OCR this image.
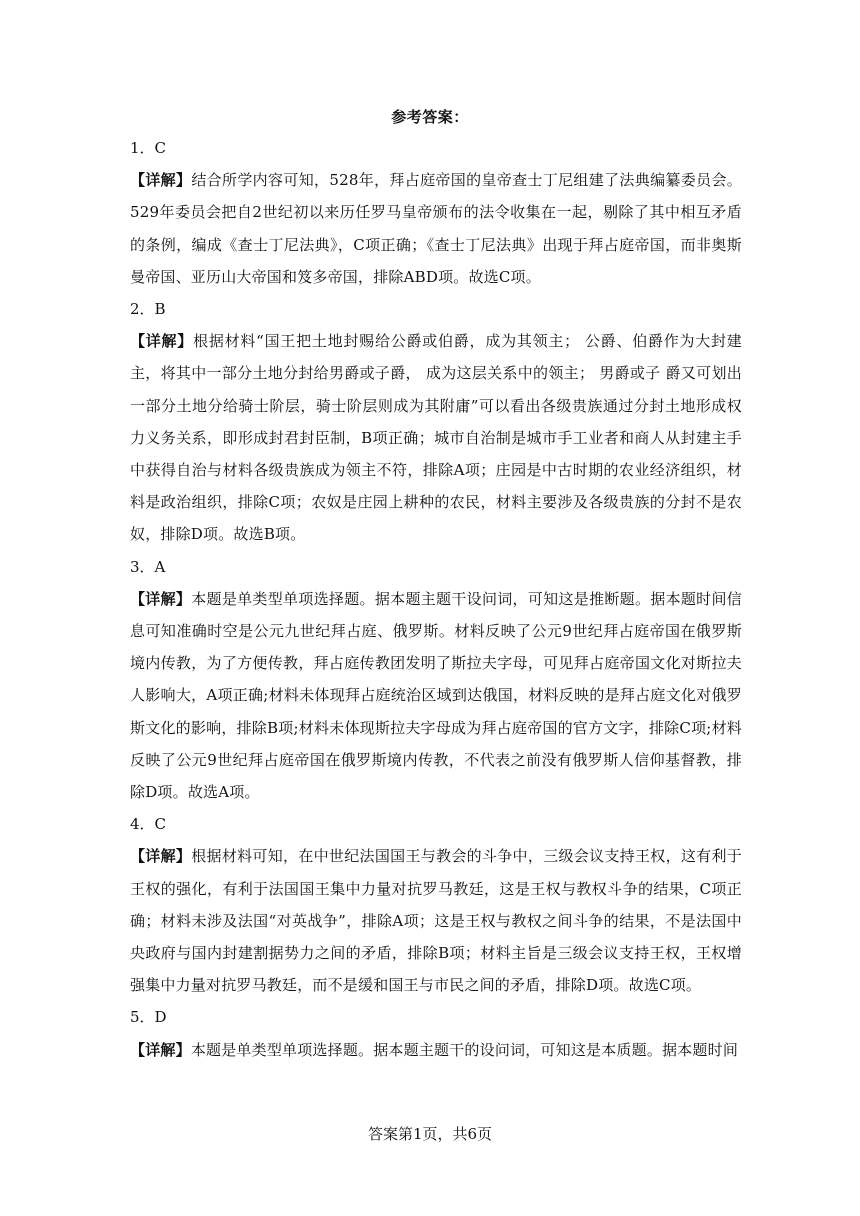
参考答案：
1．C

【详解】结合所学内容可知，528年，拜占庭帝国的皇帝查士丁尼组建了法典编纂委员会。529年委员会把自2世纪初以来历任罗马皇帝颁布的法令收集在一起，剔除了其中相互矛盾的条例，编成《查士丁尼法典》，C项正确；《查士丁尼法典》出现于拜占庭帝国，而非奥斯曼帝国、亚历山大帝国和笈多帝国，排除ABD项。故选C项。

2．B

【详解】根据材料“国王把土地封赐给公爵或伯爵，成为其领主； 公爵、伯爵作为大封建主，将其中一部分土地分封给男爵或子爵， 成为这层关系中的领主； 男爵或子 爵又可划出一部分土地分给骑士阶层，骑士阶层则成为其附庸”可以看出各级贵族通过分封土地形成权力义务关系，即形成封君封臣制，B项正确；城市自治制是城市手工业者和商人从封建主手中获得自治与材料各级贵族成为领主不符，排除A项；庄园是中古时期的农业经济组织，材料是政治组织，排除C项；农奴是庄园上耕种的农民，材料主要涉及各级贵族的分封不是农奴，排除D项。故选B项。

3．A

【详解】本题是单类型单项选择题。据本题主题干设问词，可知这是推断题。据本题时间信息可知准确时空是公元九世纪拜占庭、俄罗斯。材料反映了公元9世纪拜占庭帝国在俄罗斯境内传教，为了方便传教，拜占庭传教团发明了斯拉夫字母，可见拜占庭帝国文化对斯拉夫人影响大，A项正确;材料未体现拜占庭统治区域到达俄国，材料反映的是拜占庭文化对俄罗斯文化的影响，排除B项;材料未体现斯拉夫字母成为拜占庭帝国的官方文字，排除C项;材料反映了公元9世纪拜占庭帝国在俄罗斯境内传教，不代表之前没有俄罗斯人信仰基督教，排除D项。故选A项。

4．C

【详解】根据材料可知，在中世纪法国国王与教会的斗争中，三级会议支持王权，这有利于王权的强化，有利于法国国王集中力量对抗罗马教廷，这是王权与教权斗争的结果，C项正确；材料未涉及法国“对英战争”，排除A项；这是王权与教权之间斗争的结果，不是法国中央政府与国内封建割据势力之间的矛盾，排除B项；材料主旨是三级会议支持王权，王权增强集中力量对抗罗马教廷，而不是缓和国王与市民之间的矛盾，排除D项。故选C项。

5．D

【详解】本题是单类型单项选择题。据本题主题干的设问词，可知这是本质题。据本题时间

答案第1页，共6页
